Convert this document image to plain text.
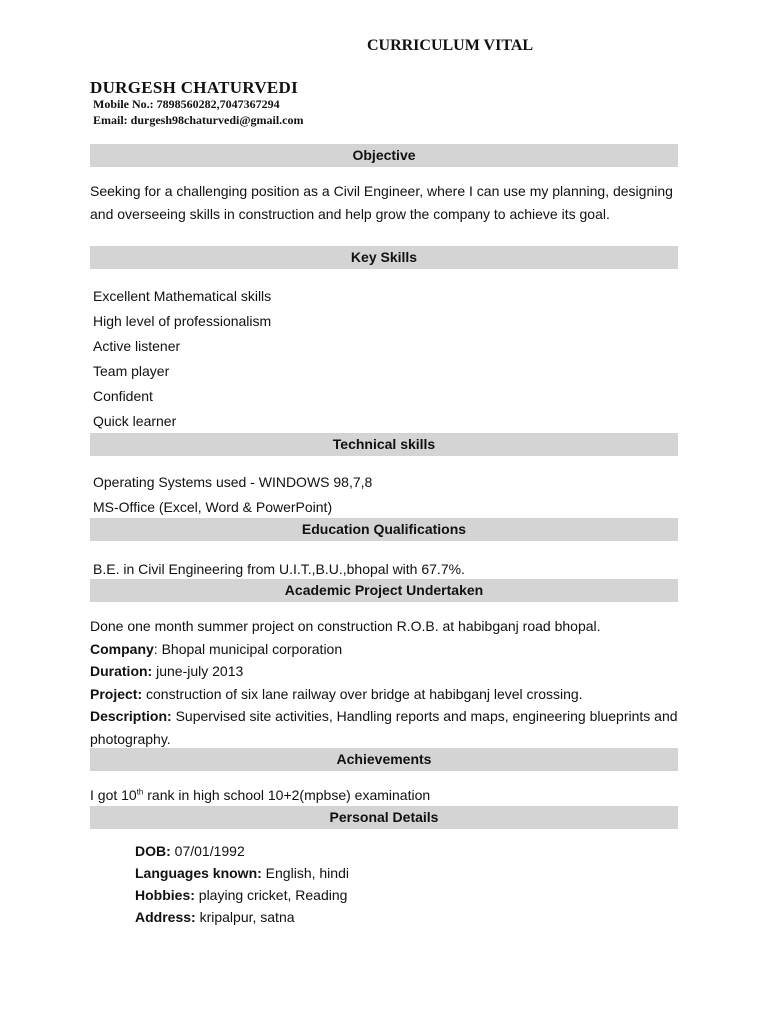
CURRICULUM VITAL
DURGESH CHATURVEDI
Mobile No.: 7898560282,7047367294
Email: durgesh98chaturvedi@gmail.com
Objective
Seeking for a challenging position as a Civil Engineer, where I can use my planning, designing and overseeing skills in construction and help grow the company to achieve its goal.
Key Skills
Excellent Mathematical skills
High level of professionalism
Active listener
Team player
Confident
Quick learner
Technical skills
Operating Systems used - WINDOWS 98,7,8
MS-Office (Excel, Word & PowerPoint)
Education Qualifications
B.E. in Civil Engineering from U.I.T.,B.U.,bhopal with 67.7%.
Academic Project Undertaken
Done one month summer project on construction R.O.B. at habibganj road bhopal.
Company: Bhopal municipal corporation
Duration: june-july 2013
Project: construction of six lane railway over bridge at habibganj level crossing.
Description: Supervised site activities, Handling reports and maps, engineering blueprints and photography.
Achievements
I got 10th rank in high school 10+2(mpbse) examination
Personal Details
DOB: 07/01/1992
Languages known: English, hindi
Hobbies: playing cricket, Reading
Address: kripalpur, satna
